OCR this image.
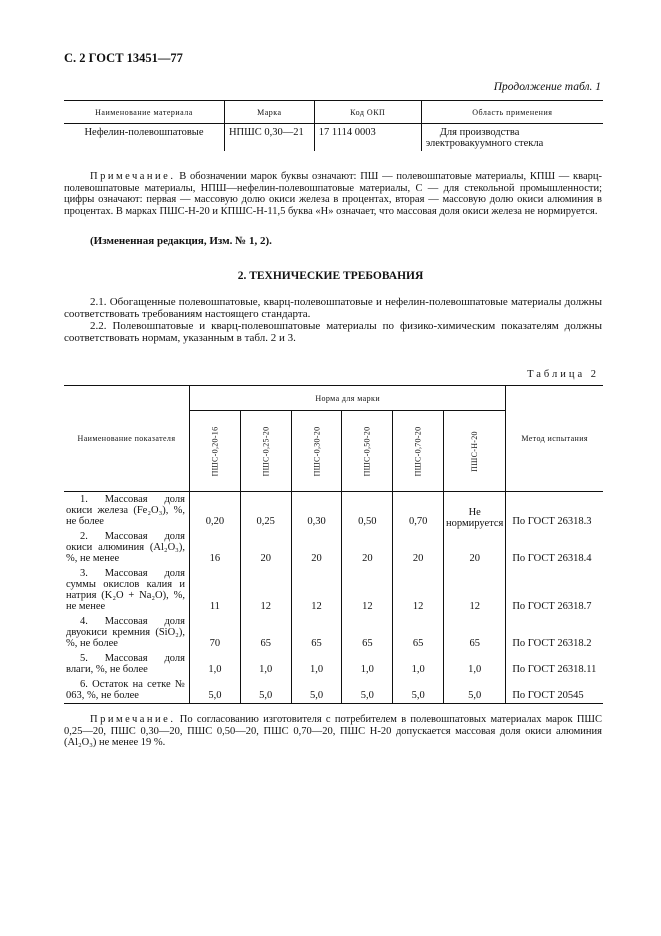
С. 2 ГОСТ 13451—77
Продолжение табл. 1
Наименование материала	Марка	Код ОКП	Область применения
Нефелин-полевошпатовые	НПШС 0,30—21	17 1114 0003	Для производства электровакуумного стекла
Примечание. В обозначении марок буквы означают: ПШ — полевошпатовые материалы, КПШ — кварц-полевошпатовые материалы, НПШ—нефелин-полевошпатовые материалы, С — для стекольной промышленности; цифры означают: первая — массовую долю окиси железа в процентах, вторая — массовую долю окиси алюминия в процентах. В марках ПШС-Н-20 и КПШС-Н-11,5 буква «Н» означает, что массовая доля окиси железа не нормируется.
(Измененная редакция, Изм. № 1, 2).
2. ТЕХНИЧЕСКИЕ ТРЕБОВАНИЯ
2.1. Обогащенные полевошпатовые, кварц-полевошпатовые и нефелин-полевошпатовые материалы должны соответствовать требованиям настоящего стандарта.
2.2. Полевошпатовые и кварц-полевошпатовые материалы по физико-химическим показателям должны соответствовать нормам, указанным в табл. 2 и 3.
Таблица 2
Наименование показателя	Норма для марки						Метод испытания
	ПШС-0,20-16	ПШС-0,25-20	ПШС-0,30-20	ПШС-0,50-20	ПШС-0,70-20	ПШС-Н-20	
1. Массовая доля окиси железа (Fe₂O₃), %, не более	0,20	0,25	0,30	0,50	0,70	Не нормируется	По ГОСТ 26318.3
2. Массовая доля окиси алюминия (Al₂O₃), %, не менее	16	20	20	20	20	20	По ГОСТ 26318.4
3. Массовая доля суммы окислов калия и натрия (K₂O + Na₂O), %, не менее	11	12	12	12	12	12	По ГОСТ 26318.7
4. Массовая доля двуокиси кремния (SiO₂), %, не более	70	65	65	65	65	65	По ГОСТ 26318.2
5. Массовая доля влаги, %, не более	1,0	1,0	1,0	1,0	1,0	1,0	По ГОСТ 26318.11
6. Остаток на сетке № 063, %, не более	5,0	5,0	5,0	5,0	5,0	5,0	По ГОСТ 20545
Примечание. По согласованию изготовителя с потребителем в полевошпатовых материалах марок ПШС 0,25—20, ПШС 0,30—20, ПШС 0,50—20, ПШС 0,70—20, ПШС Н-20 допускается массовая доля окиси алюминия (Al₂O₃) не менее 19 %.
